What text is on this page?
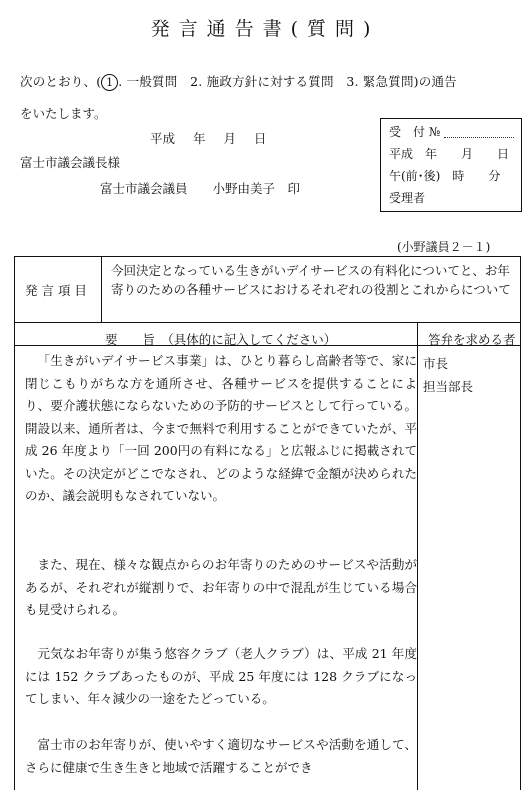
発言通告書(質問)
次のとおり、( 1 . 一般質問　 2. 施政方針に対する質問　 3. 緊急質問)の通告
をいたします。
平成 年 月 日
富士市議会議長様
富士市議会議員　　小野由美子　印
受　付 №
平成　年　　月　　日
午(前･後)　時　　分
受理者
(小野議員２－１)
発 言 項 目
今回決定となっている生きがいデイサービスの有料化についてと、お年寄りのための各種サービスにおけるそれぞれの役割とこれからについて
要　　旨　（具体的に記入してください）	答弁を求める者
「生きがいデイサービス事業」は、ひとり暮らし高齢者等で、家に閉じこもりがちな方を通所させ、各種サービスを提供することにより、要介護状態にならないための予防的サービスとして行っている。開設以来、通所者は、今まで無料で利用することができていたが、平成 26 年度より「一回 200円の有料になる」と広報ふじに掲載されていた。その決定がどこでなされ、どのような経緯で金額が決められたのか、議会説明もなされていない。
また、現在、様々な観点からのお年寄りのためのサービスや活動があるが、それぞれが縦割りで、お年寄りの中で混乱が生じている場合も見受けられる。
元気なお年寄りが集う悠容クラブ（老人クラブ）は、平成 21 年度には 152 クラブあったものが、平成 25 年度には 128 クラブになってしまい、年々減少の一途をたどっている。
富士市のお年寄りが、使いやすく適切なサービスや活動を通して、さらに健康で生き生きと地域で活躍することができ
市長
担当部長
